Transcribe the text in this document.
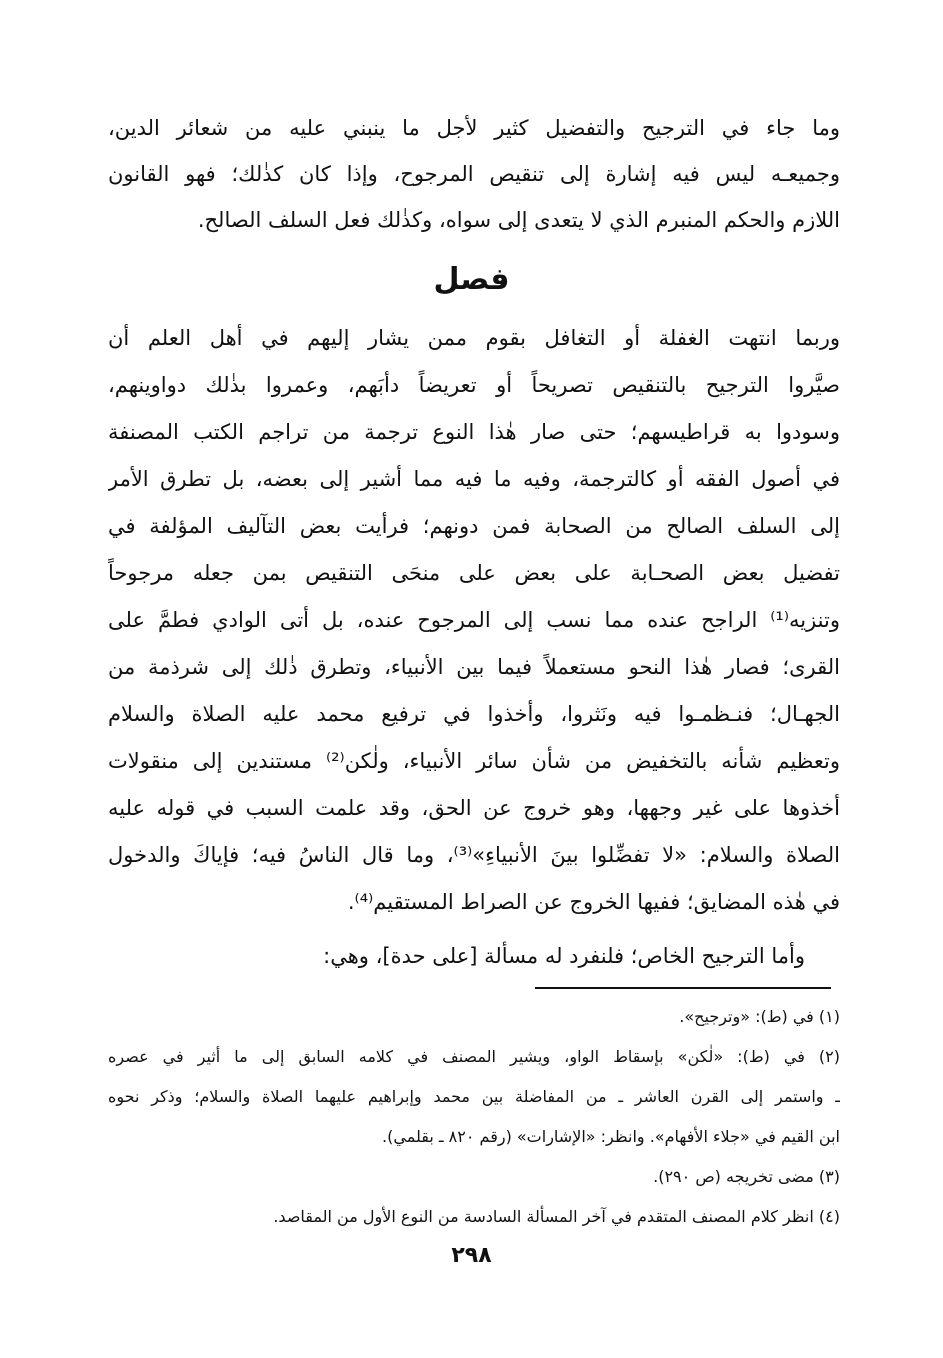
وما جاء في الترجيح والتفضيل كثير لأجل ما ينبني عليه من شعائر الدين،
وجميعـه ليس فيه إشارة إلى تنقيص المرجوح، وإذا كان كذٰلك؛ فهو القانون
اللازم والحكم المنبرم الذي لا يتعدى إلى سواه، وكذٰلك فعل السلف الصالح.
فصل
وربما انتهت الغفلة أو التغافل بقوم ممن يشار إليهم في أهل العلم أن
صيَّروا الترجيح بالتنقيص تصريحاً أو تعريضاً دأبَهم، وعمروا بذٰلك دواوينهم،
وسودوا به قراطيسهم؛ حتى صار هٰذا النوع ترجمة من تراجم الكتب المصنفة
في أصول الفقه أو كالترجمة، وفيه ما فيه مما أشير إلى بعضه، بل تطرق الأمر
إلى السلف الصالح من الصحابة فمن دونهم؛ فرأيت بعض التآليف المؤلفة في
تفضيل بعض الصحـابة على بعض على منحَى التنقيص بمن جعله مرجوحاً
وتنزيه⁽¹⁾ الراجح عنده مما نسب إلى المرجوح عنده، بل أتى الوادي فطمَّ على
القرى؛ فصار هٰذا النحو مستعملاً فيما بين الأنبياء، وتطرق ذٰلك إلى شرذمة من
الجهـال؛ فنـظمـوا فيه ونَثروا، وأخذوا في ترفيع محمد عليه الصلاة والسلام
وتعظيم شأنه بالتخفيض من شأن سائر الأنبياء، ولٰكن⁽²⁾ مستندين إلى منقولات
أخذوها على غير وجهها، وهو خروج عن الحق، وقد علمت السبب في قوله عليه
الصلاة والسلام: «لا تفضِّلوا بينَ الأنبياءِ»⁽³⁾، وما قال الناسُ فيه؛ فإياكَ والدخول
في هٰذه المضايق؛ ففيها الخروج عن الصراط المستقيم⁽⁴⁾.
وأما الترجيح الخاص؛ فلنفرد له مسألة [على حدة]، وهي:
(١) في (ط): «وترجيح».
(٢) في (ط): «لٰكن» بإسقاط الواو، ويشير المصنف في كلامه السابق إلى ما أثير في عصره
ـ واستمر إلى القرن العاشر ـ من المفاضلة بين محمد وإبراهيم عليهما الصلاة والسلام؛ وذكر نحوه
ابن القيم في «جلاء الأفهام». وانظر: «الإشارات» (رقم ٨٢٠ ـ بقلمي).
(٣) مضى تخريجه (ص ٢٩٠).
(٤) انظر كلام المصنف المتقدم في آخر المسألة السادسة من النوع الأول من المقاصد.
٢٩٨
